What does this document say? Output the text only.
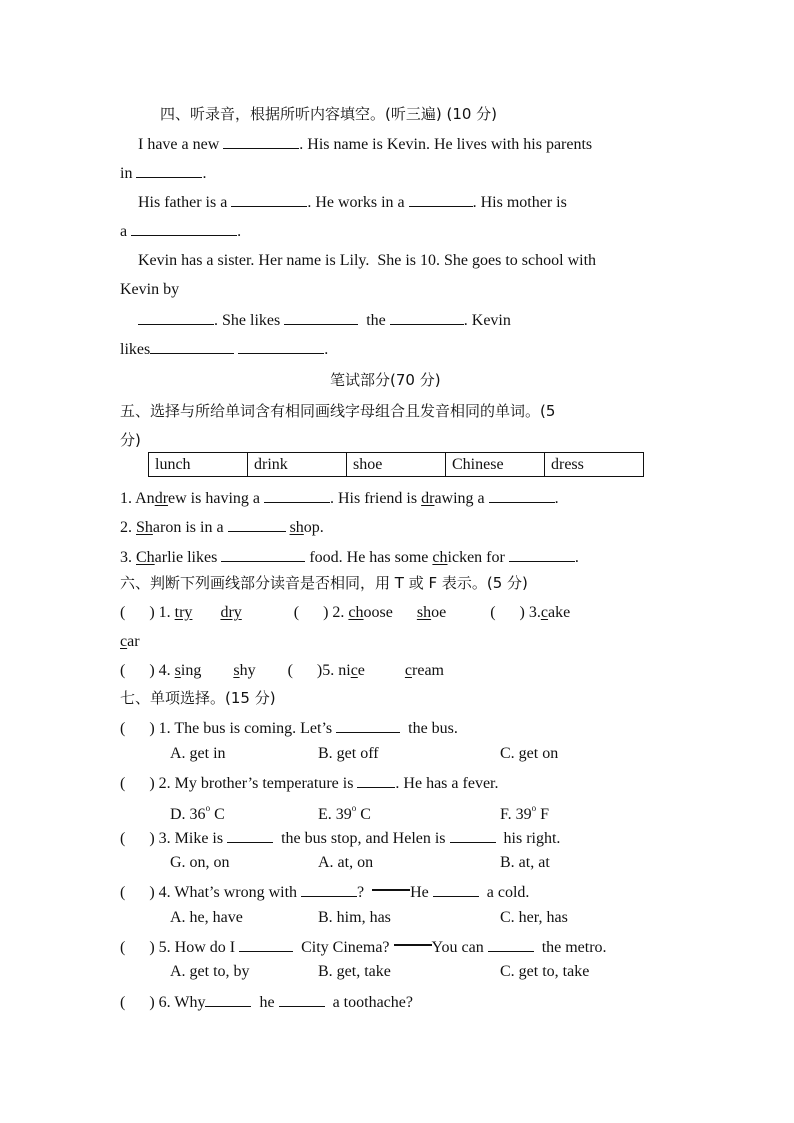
四、听录音，根据所听内容填空。(听三遍) (10 分)
I have a new	. His name is Kevin. He lives with his parents
in	.
His father is a	. He works in a	. His mother is
a	.
Kevin has a sister. Her name is Lily.  She is 10. She goes to school with
Kevin by
. She likes	the	. Kevin
likes	.
笔试部分(70 分)
五、选择与所给单词含有相同画线字母组合且发音相同的单词。(5
分)
lunch	drink	shoe	Chinese	dress
1. Andrew is having a	. His friend is drawing a	.
2. Sharon is in a	shop.
3. Charlie likes	food. He has some chicken for	.
六、判断下列画线部分读音是否相同，用 T 或 F 表示。(5 分)
(      ) 1. try dry             (      ) 2. choose shoe           (      ) 3.cake
car
(      ) 4. sing shy        (      )5. nice	cream
七、单项选择。(15 分)
(      ) 1. The bus is coming. Let’s	the bus.
A. get in	B. get off	C. get on
(      ) 2. My brother’s temperature is . He has a fever.
D. 36$^o$ C	E. 39$^o$ C	F. 39$^o$ F
(      ) 3. Mike is	the bus stop, and Helen is	his right.
G. on, on	A. at, on	B. at, at
(      ) 4. What’s wrong with	?	He	a cold.
A. he, have	B. him, has	C. her, has
(      ) 5. How do I	City Cinema? You can	the metro.
A. get to, by	B. get, take	C. get to, take
(      ) 6. Why	he	a toothache?
